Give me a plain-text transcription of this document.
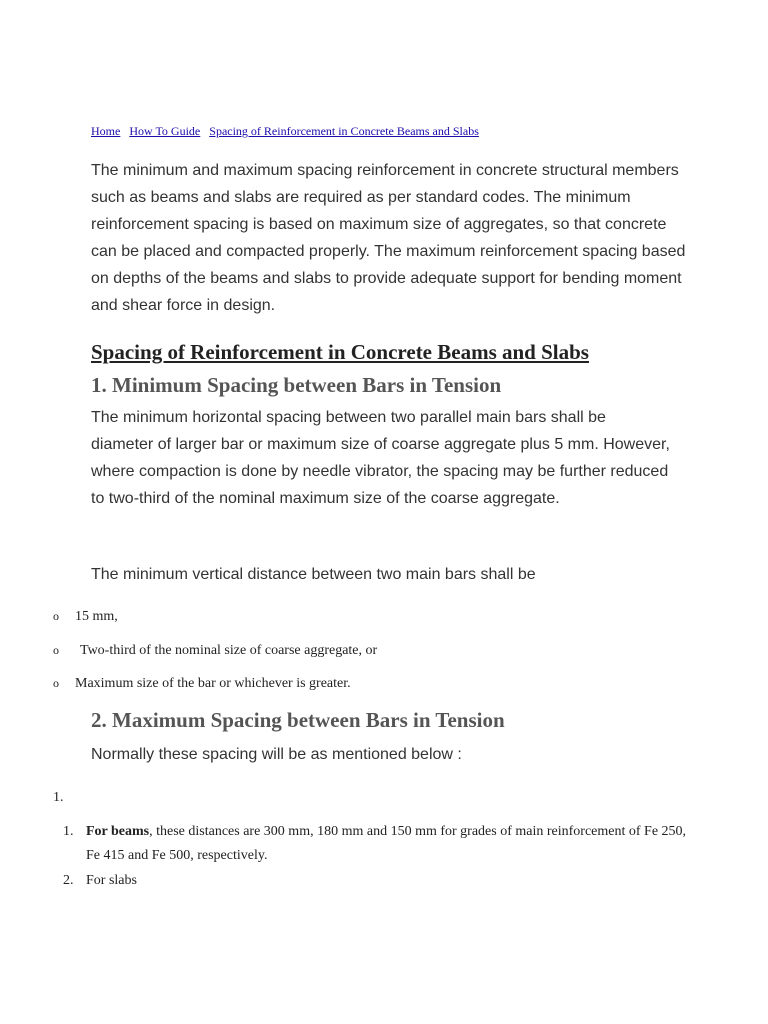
Home How To Guide Spacing of Reinforcement in Concrete Beams and Slabs

The minimum and maximum spacing reinforcement in concrete structural members such as beams and slabs are required as per standard codes. The minimum reinforcement spacing is based on maximum size of aggregates, so that concrete can be placed and compacted properly. The maximum reinforcement spacing based on depths of the beams and slabs to provide adequate support for bending moment and shear force in design.

Spacing of Reinforcement in Concrete Beams and Slabs
1. Minimum Spacing between Bars in Tension

The minimum horizontal spacing between two parallel main bars shall be diameter of larger bar or maximum size of coarse aggregate plus 5 mm. However, where compaction is done by needle vibrator, the spacing may be further reduced to two-third of the nominal maximum size of the coarse aggregate.

The minimum vertical distance between two main bars shall be

o 15 mm,
o Two-third of the nominal size of coarse aggregate, or
o Maximum size of the bar or whichever is greater.
2. Maximum Spacing between Bars in Tension

Normally these spacing will be as mentioned below :

1.
1. For beams, these distances are 300 mm, 180 mm and 150 mm for grades of main reinforcement of Fe 250, Fe 415 and Fe 500, respectively.
2. For slabs
